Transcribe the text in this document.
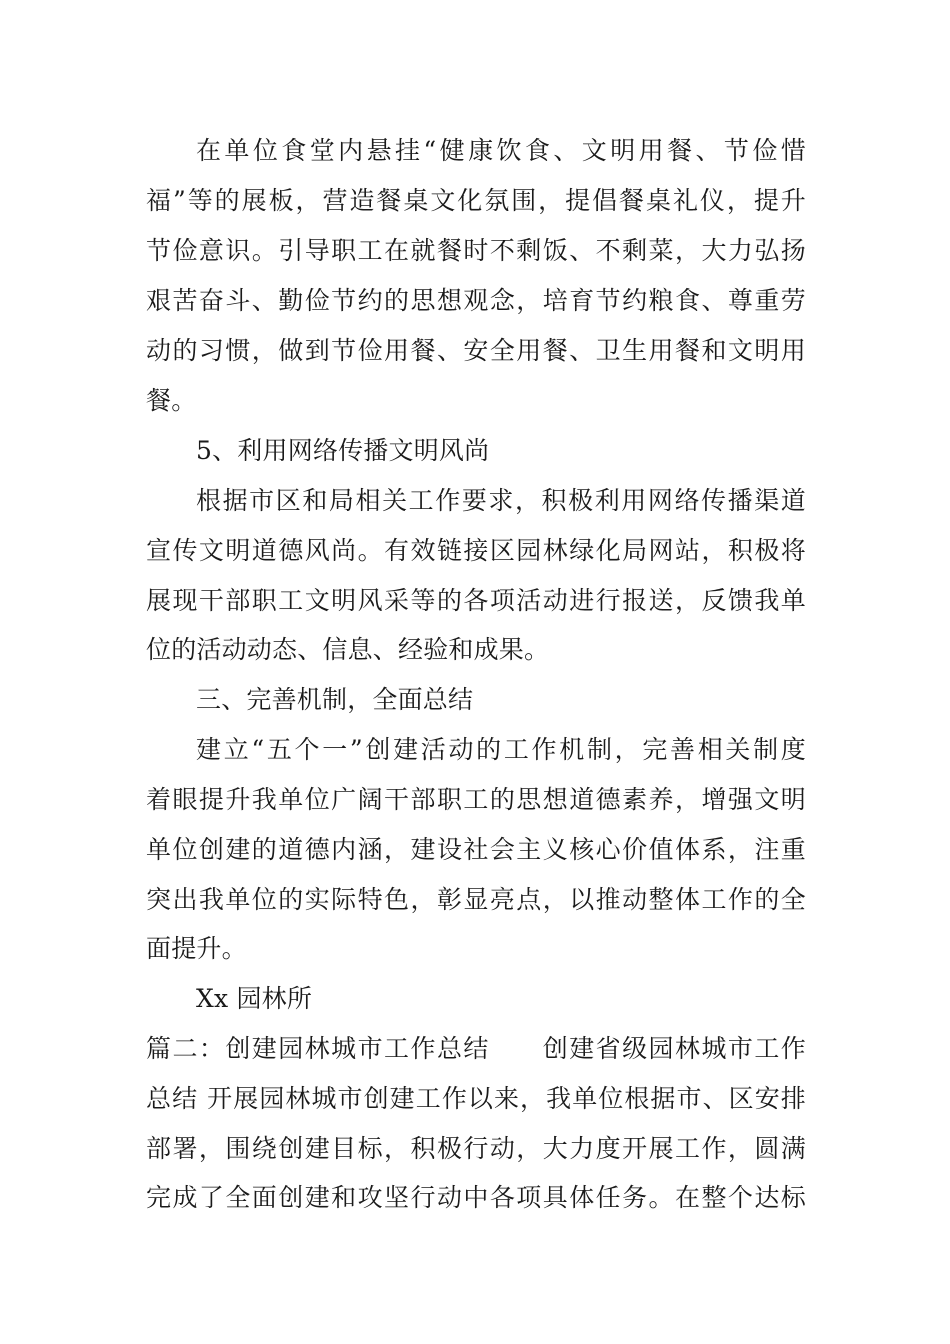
在单位食堂内悬挂“健康饮食、文明用餐、节俭惜
福”等的展板，营造餐桌文化氛围，提倡餐桌礼仪，提升
节俭意识。引导职工在就餐时不剩饭、不剩菜，大力弘扬
艰苦奋斗、勤俭节约的思想观念，培育节约粮食、尊重劳
动的习惯，做到节俭用餐、安全用餐、卫生用餐和文明用
餐。
5、利用网络传播文明风尚
根据市区和局相关工作要求，积极利用网络传播渠道
宣传文明道德风尚。有效链接区园林绿化局网站，积极将
展现干部职工文明风采等的各项活动进行报送，反馈我单
位的活动动态、信息、经验和成果。
三、完善机制，全面总结
建立“五个一”创建活动的工作机制，完善相关制度
着眼提升我单位广阔干部职工的思想道德素养，增强文明
单位创建的道德内涵，建设社会主义核心价值体系，注重
突出我单位的实际特色，彰显亮点，以推动整体工作的全
面提升。
Xx 园林所
篇二：创建园林城市工作总结　　创建省级园林城市工作
总结 开展园林城市创建工作以来，我单位根据市、区安排
部署，围绕创建目标，积极行动，大力度开展工作，圆满
完成了全面创建和攻坚行动中各项具体任务。在整个达标
